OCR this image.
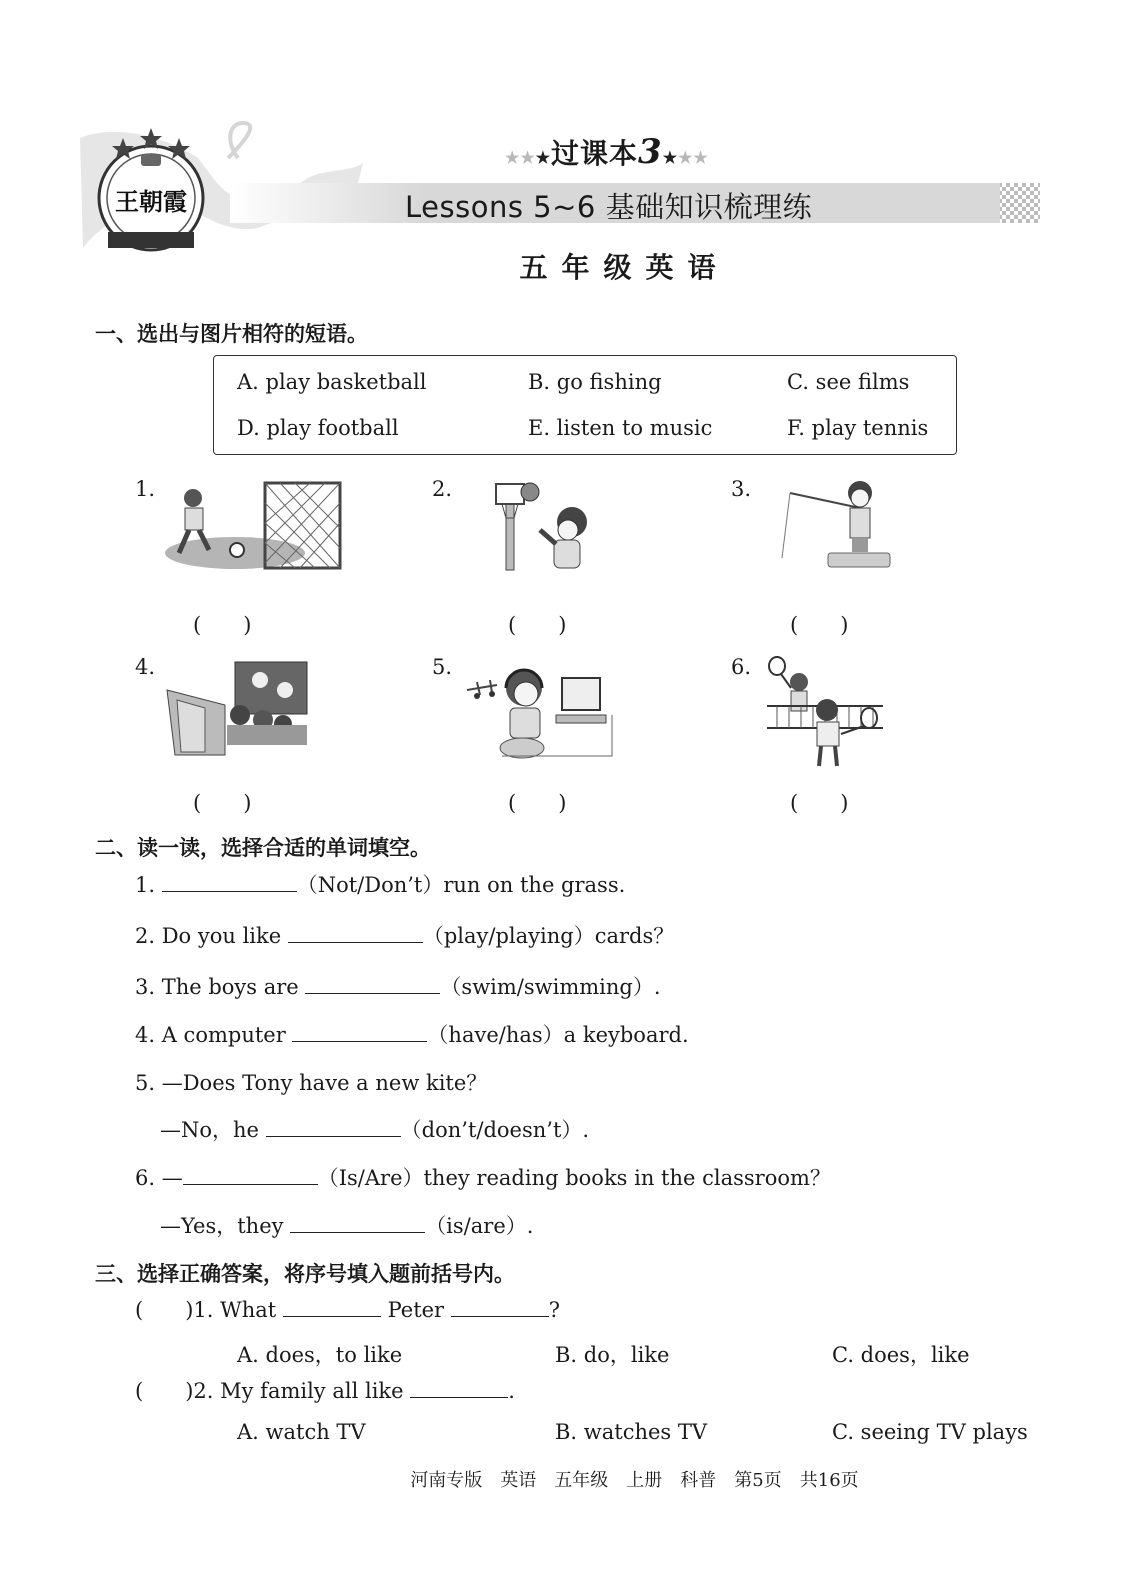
王朝霞
★★★过课本3★★★
Lessons 5~6 基础知识梳理练
五年级英语
一、选出与图片相符的短语。
A. play basketball	B. go fishing	C. see films
D. play football	E. listen to music	F. play tennis
1.	2.	3.
4.	5.	6.
(　　)	(　　)	(　　)
(　　)	(　　)	(　　)
二、读一读，选择合适的单词填空。
1.	（Not/Don’t）run on the grass.
2. Do you like	（play/playing）cards？
3. The boys are	（swim/swimming）.
4. A computer	（have/has）a keyboard.
5. —Does Tony have a new kite？
—No，he	（don’t/doesn’t）.
6. —	（Is/Are）they reading books in the classroom？
—Yes，they	（is/are）.
三、选择正确答案，将序号填入题前括号内。
(　　)1. What	Peter	?
A. does，to like	B. do，like	C. does，like
(　　)2. My family all like	.
A. watch TV	B. watches TV	C. seeing TV plays
河南专版　英语　五年级　上册　科普　第5页　共16页
